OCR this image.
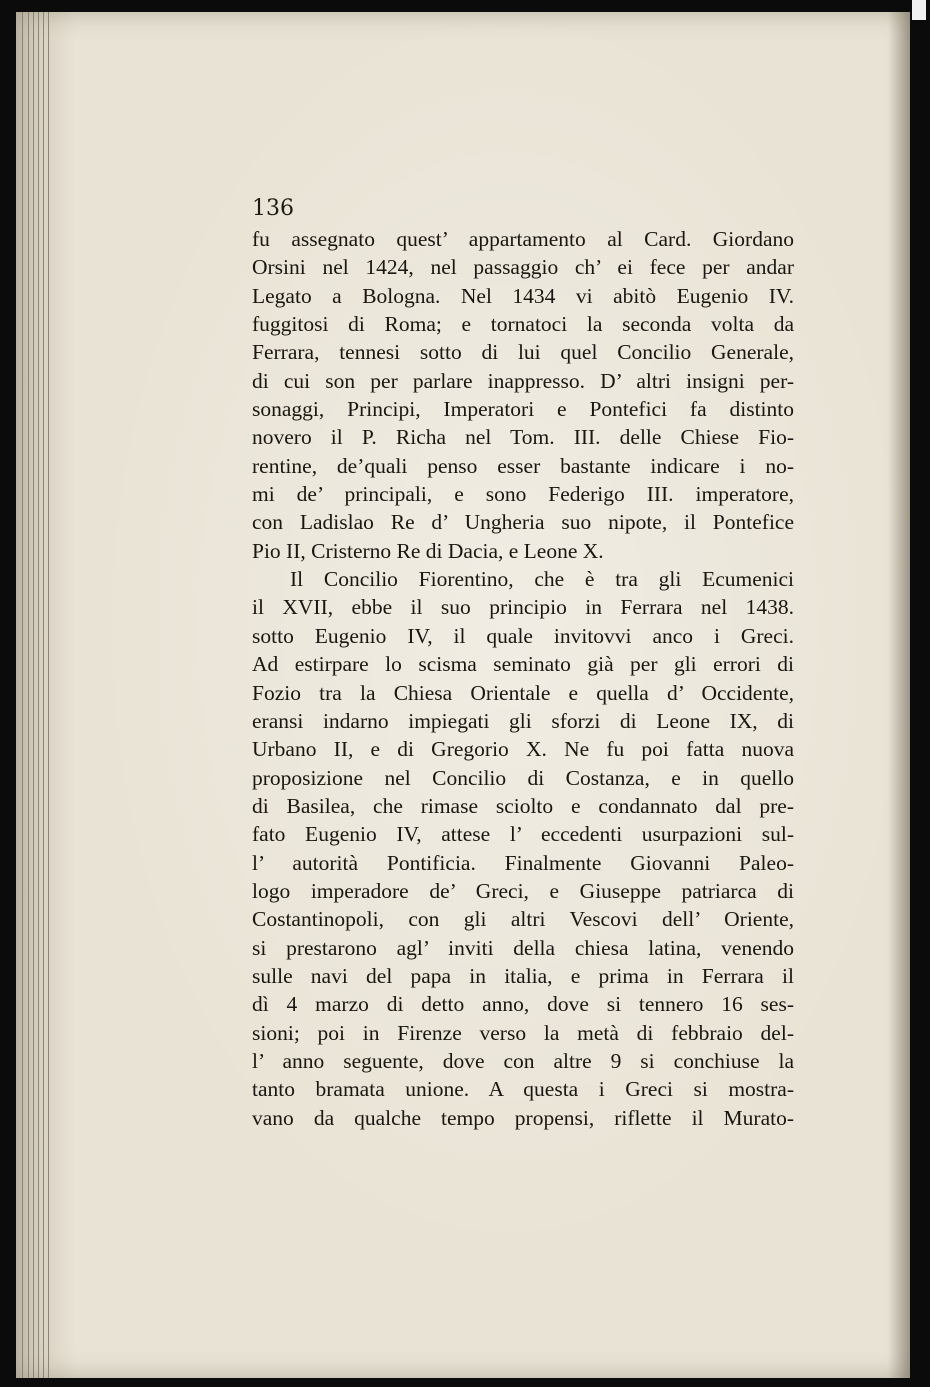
136

fu assegnato quest’ appartamento al Card. Giordano
Orsini nel 1424, nel passaggio ch’ ei fece per andar
Legato a Bologna. Nel 1434 vi abitò Eugenio IV.
fuggitosi di Roma; e tornatoci la seconda volta da
Ferrara, tennesi sotto di lui quel Concilio Generale,
di cui son per parlare inappresso. D’ altri insigni per-
sonaggi, Principi, Imperatori e Pontefici fa distinto
novero il P. Richa nel Tom. III. delle Chiese Fio-
rentine, de’quali penso esser bastante indicare i no-
mi de’ principali, e sono Federigo III. imperatore,
con Ladislao Re d’ Ungheria suo nipote, il Pontefice
Pio II, Cristerno Re di Dacia, e Leone X.
Il Concilio Fiorentino, che è tra gli Ecumenici
il XVII, ebbe il suo principio in Ferrara nel 1438.
sotto Eugenio IV, il quale invitovvi anco i Greci.
Ad estirpare lo scisma seminato già per gli errori di
Fozio tra la Chiesa Orientale e quella d’ Occidente,
eransi indarno impiegati gli sforzi di Leone IX, di
Urbano II, e di Gregorio X. Ne fu poi fatta nuova
proposizione nel Concilio di Costanza, e in quello
di Basilea, che rimase sciolto e condannato dal pre-
fato Eugenio IV, attese l’ eccedenti usurpazioni sul-
l’ autorità Pontificia. Finalmente Giovanni Paleo-
logo imperadore de’ Greci, e Giuseppe patriarca di
Costantinopoli, con gli altri Vescovi dell’ Oriente,
si prestarono agl’ inviti della chiesa latina, venendo
sulle navi del papa in italia, e prima in Ferrara il
dì 4 marzo di detto anno, dove si tennero 16 ses-
sioni; poi in Firenze verso la metà di febbraio del-
l’ anno seguente, dove con altre 9 si conchiuse la
tanto bramata unione. A questa i Greci si mostra-
vano da qualche tempo propensi, riflette il Murato-
